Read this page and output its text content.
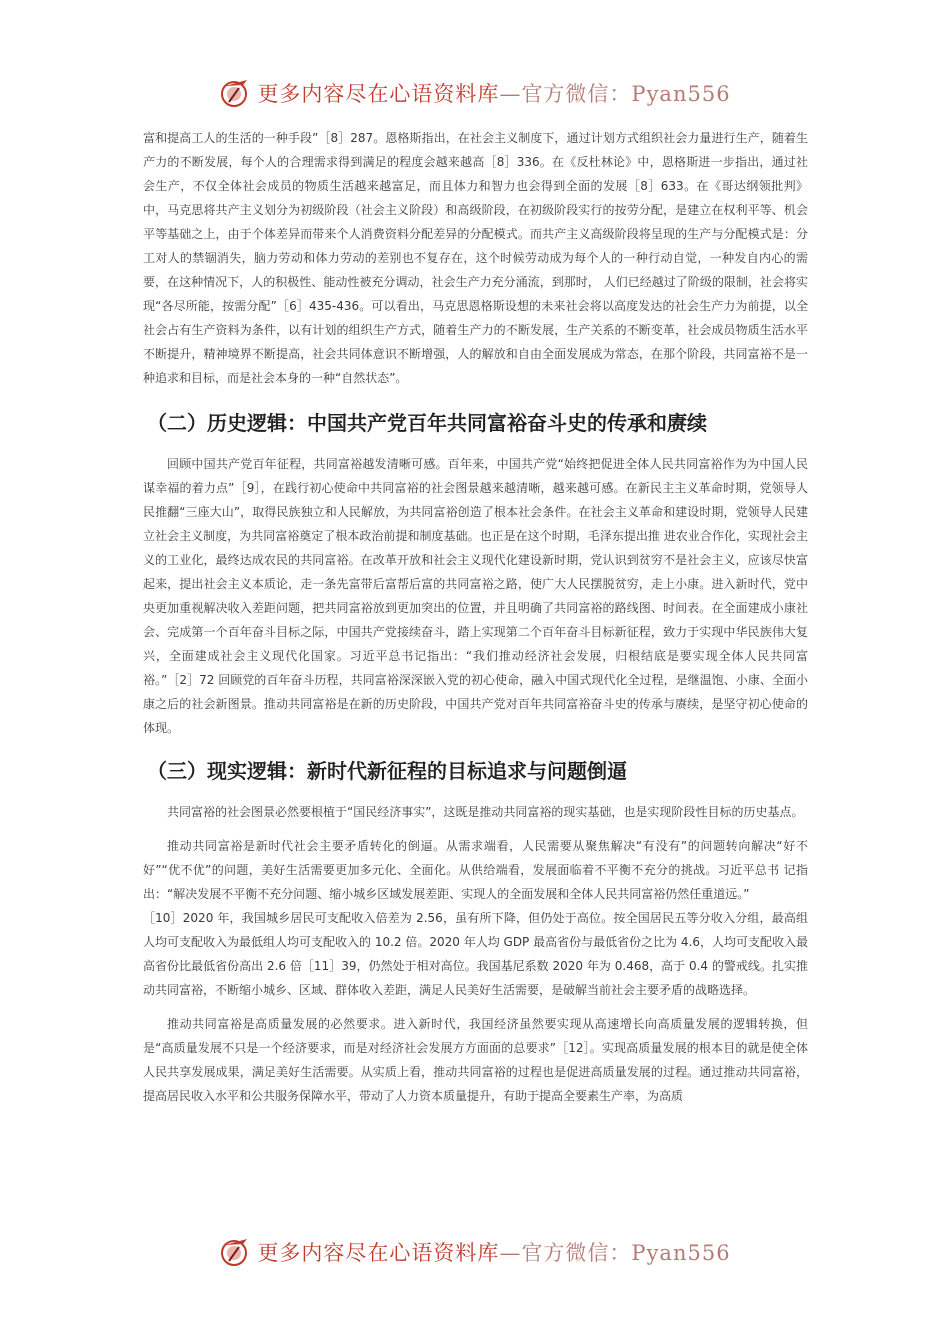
更多内容尽在心语资料库—官方微信：Pyan556

富和提高工人的生活的一种手段”［8］287。恩格斯指出，在社会主义制度下，通过计划方式组织社会力量进行生产，随着生产力的不断发展，每个人的合理需求得到满足的程度会越来越高［8］336。在《反杜林论》中，恩格斯进一步指出，通过社会生产，不仅全体社会成员的物质生活越来越富足，而且体力和智力也会得到全面的发展［8］633。在《哥达纲领批判》中，马克思将共产主义划分为初级阶段（社会主义阶段）和高级阶段，在初级阶段实行的按劳分配，是建立在权利平等、机会平等基础之上，由于个体差异而带来个人消费资料分配差异的分配模式。而共产主义高级阶段将呈现的生产与分配模式是：分工对人的禁锢消失，脑力劳动和体力劳动的差别也不复存在，这个时候劳动成为每个人的一种行动自觉，一种发自内心的需要，在这种情况下，人的积极性、能动性被充分调动，社会生产力充分涌流，到那时， 人们已经越过了阶级的限制，社会将实现“各尽所能，按需分配”［6］435-436。可以看出，马克思恩格斯设想的未来社会将以高度发达的社会生产力为前提，以全社会占有生产资料为条件，以有计划的组织生产方式，随着生产力的不断发展，生产关系的不断变革，社会成员物质生活水平不断提升，精神境界不断提高，社会共同体意识不断增强，人的解放和自由全面发展成为常态，在那个阶段，共同富裕不是一种追求和目标，而是社会本身的一种“自然状态”。

（二）历史逻辑：中国共产党百年共同富裕奋斗史的传承和赓续

回顾中国共产党百年征程，共同富裕越发清晰可感。百年来，中国共产党“始终把促进全体人民共同富裕作为为中国人民谋幸福的着力点”［9］，在践行初心使命中共同富裕的社会图景越来越清晰，越来越可感。在新民主主义革命时期，党领导人民推翻“三座大山”，取得民族独立和人民解放，为共同富裕创造了根本社会条件。在社会主义革命和建设时期，党领导人民建立社会主义制度，为共同富裕奠定了根本政治前提和制度基础。也正是在这个时期，毛泽东提出推 进农业合作化，实现社会主义的工业化，最终达成农民的共同富裕。在改革开放和社会主义现代化建设新时期，党认识到贫穷不是社会主义，应该尽快富起来，提出社会主义本质论，走一条先富带后富帮后富的共同富裕之路，使广大人民摆脱贫穷，走上小康。进入新时代，党中央更加重视解决收入差距问题，把共同富裕放到更加突出的位置，并且明确了共同富裕的路线图、时间表。在全面建成小康社会、完成第一个百年奋斗目标之际，中国共产党接续奋斗，踏上实现第二个百年奋斗目标新征程，致力于实现中华民族伟大复兴，全面建成社会主义现代化国家。习近平总书记指出：“我们推动经济社会发展，归根结底是要实现全体人民共同富裕。”［2］72 回顾党的百年奋斗历程，共同富裕深深嵌入党的初心使命，融入中国式现代化全过程，是继温饱、小康、全面小康之后的社会新图景。推动共同富裕是在新的历史阶段，中国共产党对百年共同富裕奋斗史的传承与赓续，是坚守初心使命的体现。

（三）现实逻辑：新时代新征程的目标追求与问题倒逼

共同富裕的社会图景必然要根植于“国民经济事实”，这既是推动共同富裕的现实基础，也是实现阶段性目标的历史基点。

推动共同富裕是新时代社会主要矛盾转化的倒逼。从需求端看，人民需要从聚焦解决“有没有”的问题转向解决“好不好”“优不优”的问题，美好生活需要更加多元化、全面化。从供给端看，发展面临着不平衡不充分的挑战。习近平总书 记指出：“解决发展不平衡不充分问题、缩小城乡区域发展差距、实现人的全面发展和全体人民共同富裕仍然任重道远。”

［10］2020 年，我国城乡居民可支配收入倍差为 2.56，虽有所下降，但仍处于高位。按全国居民五等分收入分组，最高组人均可支配收入为最低组人均可支配收入的 10.2 倍。2020 年人均 GDP 最高省份与最低省份之比为 4.6，人均可支配收入最高省份比最低省份高出 2.6 倍［11］39，仍然处于相对高位。我国基尼系数 2020 年为 0.468，高于 0.4 的警戒线。扎实推动共同富裕，不断缩小城乡、区域、群体收入差距，满足人民美好生活需要，是破解当前社会主要矛盾的战略选择。

推动共同富裕是高质量发展的必然要求。进入新时代，我国经济虽然要实现从高速增长向高质量发展的逻辑转换，但是“高质量发展不只是一个经济要求，而是对经济社会发展方方面面的总要求”［12］。实现高质量发展的根本目的就是使全体人民共享发展成果，满足美好生活需要。从实质上看，推动共同富裕的过程也是促进高质量发展的过程。通过推动共同富裕，提高居民收入水平和公共服务保障水平，带动了人力资本质量提升，有助于提高全要素生产率，为高质

更多内容尽在心语资料库—官方微信：Pyan556
